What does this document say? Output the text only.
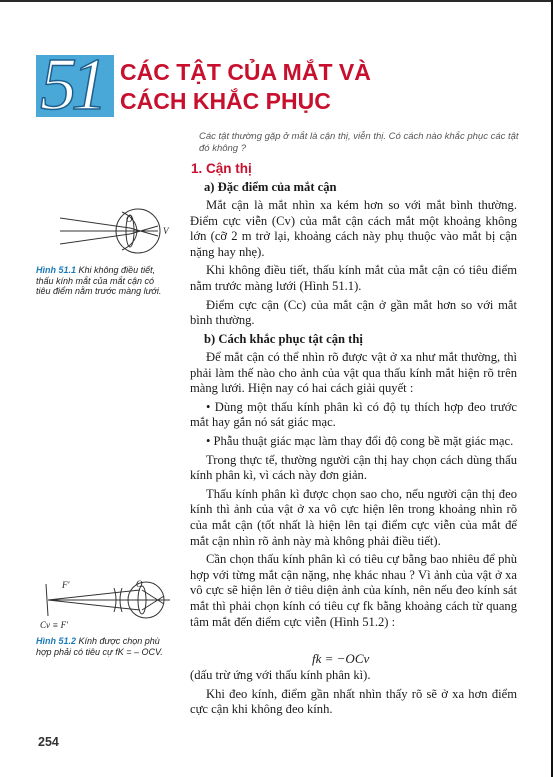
51 CÁC TẬT CỦA MẮT VÀ
CÁCH KHẮC PHỤC
Các tật thường gặp ở mắt là cận thị, viễn thị. Có cách nào khắc phục các tật đó không ?
1. Cận thị
a) Đặc điểm của mắt cận

Mắt cận là mắt nhìn xa kém hơn so với mắt bình thường. Điểm cực viễn (Cv) của mắt cận cách mắt một khoảng không lớn (cỡ 2 m trở lại, khoảng cách này phụ thuộc vào mắt bị cận nặng hay nhẹ).

Khi không điều tiết, thấu kính mắt của mắt cận có tiêu điểm nằm trước màng lưới (Hình 51.1).

Điểm cực cận (Cc) của mắt cận ở gần mắt hơn so với mắt bình thường.

b) Cách khắc phục tật cận thị

Để mắt cận có thể nhìn rõ được vật ở xa như mắt thường, thì phải làm thế nào cho ảnh của vật qua thấu kính mắt hiện rõ trên màng lưới. Hiện nay có hai cách giải quyết :

• Dùng một thấu kính phân kì có độ tụ thích hợp đeo trước mắt hay gắn nó sát giác mạc.

• Phẫu thuật giác mạc làm thay đổi độ cong bề mặt giác mạc.

Trong thực tế, thường người cận thị hay chọn cách dùng thấu kính phân kì, vì cách này đơn giản.

Thấu kính phân kì được chọn sao cho, nếu người cận thị đeo kính thì ảnh của vật ở xa vô cực hiện lên trong khoảng nhìn rõ của mắt cận (tốt nhất là hiện lên tại điểm cực viễn của mắt để mắt cận nhìn rõ ảnh này mà không phải điều tiết).

Cần chọn thấu kính phân kì có tiêu cự bằng bao nhiêu để phù hợp với từng mắt cận nặng, nhẹ khác nhau ? Vì ảnh của vật ở xa vô cực sẽ hiện lên ở tiêu diện ảnh của kính, nên nếu đeo kính sát mắt thì phải chọn kính có tiêu cự fk bằng khoảng cách từ quang tâm mắt đến điểm cực viễn (Hình 51.2) :

fk = −OCv

(dấu trừ ứng với thấu kính phân kì).

Khi đeo kính, điểm gần nhất nhìn thấy rõ sẽ ở xa hơn điểm cực cận khi không đeo kính.

O
V
Hình 51.1 Khi không điều tiết, thấu kính mắt của mắt cận có tiêu điểm nằm trước màng lưới.
F'	O
Cv ≡ F'
Hình 51.2 Kính được chọn phù hợp phải có tiêu cự fK = – OCV.
254
